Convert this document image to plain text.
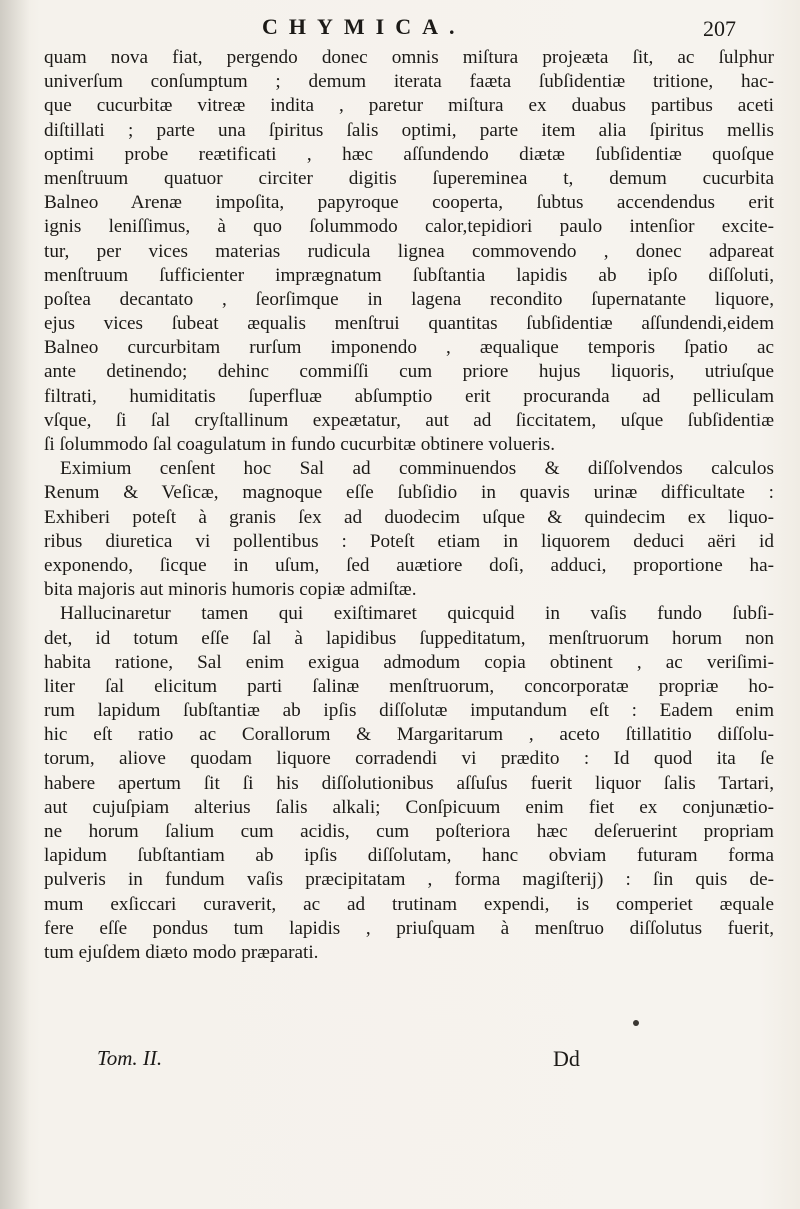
CHYMICA.	207
quam nova fiat, pergendo donec omnis miſtura projeæta ſit, ac ſulphur
univerſum conſumptum ; demum iterata faæta ſubſidentiæ tritione, hac-
que cucurbitæ vitreæ indita , paretur miſtura ex duabus partibus aceti
diſtillati ; parte una ſpiritus ſalis optimi, parte item alia ſpiritus mellis
optimi probe reætificati , hæc aſſundendo diætæ ſubſidentiæ quoſque
menſtruum quatuor circiter digitis ſupereminea t, demum cucurbita
Balneo Arenæ impoſita, papyroque cooperta, ſubtus accendendus erit
ignis leniſſimus, à quo ſolummodo calor,tepidiori paulo intenſior excite-
tur, per vices materias rudicula lignea commovendo , donec adpareat
menſtruum ſufficienter imprægnatum ſubſtantia lapidis ab ipſo diſſoluti,
poſtea decantato , ſeorſimque in lagena recondito ſupernatante liquore,
ejus vices ſubeat æqualis menſtrui quantitas ſubſidentiæ aſſundendi,eidem
Balneo curcurbitam rurſum imponendo , æqualique temporis ſpatio ac
ante detinendo; dehinc commiſſi cum priore hujus liquoris, utriuſque
filtrati, humiditatis ſuperfluæ abſumptio erit procuranda ad pelliculam
vſque, ſi ſal cryſtallinum expeætatur, aut ad ſiccitatem, uſque ſubſidentiæ
ſi ſolummodo ſal coagulatum in fundo cucurbitæ obtinere volueris.
Eximium cenſent hoc Sal ad comminuendos & diſſolvendos calculos
Renum & Veſicæ, magnoque eſſe ſubſidio in quavis urinæ difficultate :
Exhiberi poteſt à granis ſex ad duodecim uſque & quindecim ex liquo-
ribus diuretica vi pollentibus : Poteſt etiam in liquorem deduci aëri id
exponendo, ſicque in uſum, ſed auætiore doſi, adduci, proportione ha-
bita majoris aut minoris humoris copiæ admiſtæ.
Hallucinaretur tamen qui exiſtimaret quicquid in vaſis fundo ſubſi-
det, id totum eſſe ſal à lapidibus ſuppeditatum, menſtruorum horum non
habita ratione, Sal enim exigua admodum copia obtinent , ac veriſimi-
liter ſal elicitum parti ſalinæ menſtruorum, concorporatæ propriæ ho-
rum lapidum ſubſtantiæ ab ipſis diſſolutæ imputandum eſt : Eadem enim
hic eſt ratio ac Corallorum & Margaritarum , aceto ſtillatitio diſſolu-
torum, aliove quodam liquore corradendi vi prædito : Id quod ita ſe
habere apertum ſit ſi his diſſolutionibus aſſuſus fuerit liquor ſalis Tartari,
aut cujuſpiam alterius ſalis alkali; Conſpicuum enim fiet ex conjunætio-
ne horum ſalium cum acidis, cum poſteriora hæc deſeruerint propriam
lapidum ſubſtantiam ab ipſis diſſolutam, hanc obviam futuram forma
pulveris in fundum vaſis præcipitatam , forma magiſterij) : ſin quis de-
mum exſiccari curaverit, ac ad trutinam expendi, is comperiet æquale
fere eſſe pondus tum lapidis , priuſquam à menſtruo diſſolutus fuerit,
tum ejuſdem diæto modo præparati.
Tom. II.	Dd
